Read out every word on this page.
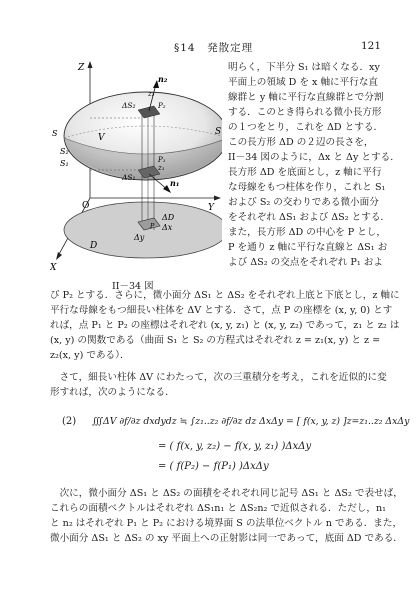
§14　発散定理	121
Z
Y
X
O
V
S
S
S₂
S₁
D
n₂
n₁
ΔS₂
ΔS₁
ΔD
Δx
Δy
z₂
z₁
P₂
P₁
P
II－34 図
明らく，下半分 S₁ は暗くなる．xy
平面上の領域 D を x 軸に平行な直
線群と y 軸に平行な直線群とで分割
する．このとき得られる微小長方形
の１つをとり，これを ΔD とする．
この長方形 ΔD の２辺の長さを，
II－34 図のように，Δx と Δy とする．
長方形 ΔD を底面とし，z 軸に平行
な母線をもつ柱体を作り，これと S₁
および S₂ の交わりである微小面分
をそれぞれ ΔS₁ および ΔS₂ とする．
また，長方形 ΔD の中心を P とし，
P を通り z 軸に平行な直線と ΔS₁ お
よび ΔS₂ の交点をそれぞれ P₁ およ
び P₂ とする．さらに，微小面分 ΔS₁ と ΔS₂ をそれぞれ上底と下底とし，z 軸に
平行な母線をもつ細長い柱体を ΔV とする．さて，点 P の座標を (x, y, 0) とす
れば，点 P₁ と P₂ の座標はそれぞれ (x, y, z₁) と (x, y, z₂) であって，z₁ と z₂ は
(x, y) の関数である（曲面 S₁ と S₂ の方程式はそれぞれ z = z₁(x, y) と z =
z₂(x, y) である）．
　さて，細長い柱体 ΔV にわたって，次の三重積分を考え，これを近似的に変
形すれば，次のようになる．
(2) ∭ΔV ∂f/∂z dxdydz ≒ ∫z₁..z₂ ∂f/∂z dz ΔxΔy = [ f(x, y, z) ]z=z₁..z₂ ΔxΔy
= ( f(x, y, z₂) − f(x, y, z₁) )ΔxΔy
= ( f(P₂) − f(P₁) )ΔxΔy
　次に，微小面分 ΔS₁ と ΔS₂ の面積をそれぞれ同じ記号 ΔS₁ と ΔS₂ で表せば，
これらの面積ベクトルはそれぞれ ΔS₁n₁ と ΔS₂n₂ で近似される．ただし，n₁
と n₂ はそれぞれ P₁ と P₂ における境界面 S の法単位ベクトル n である．また，
微小面分 ΔS₁ と ΔS₂ の xy 平面上への正射影は同一であって，底面 ΔD である．
